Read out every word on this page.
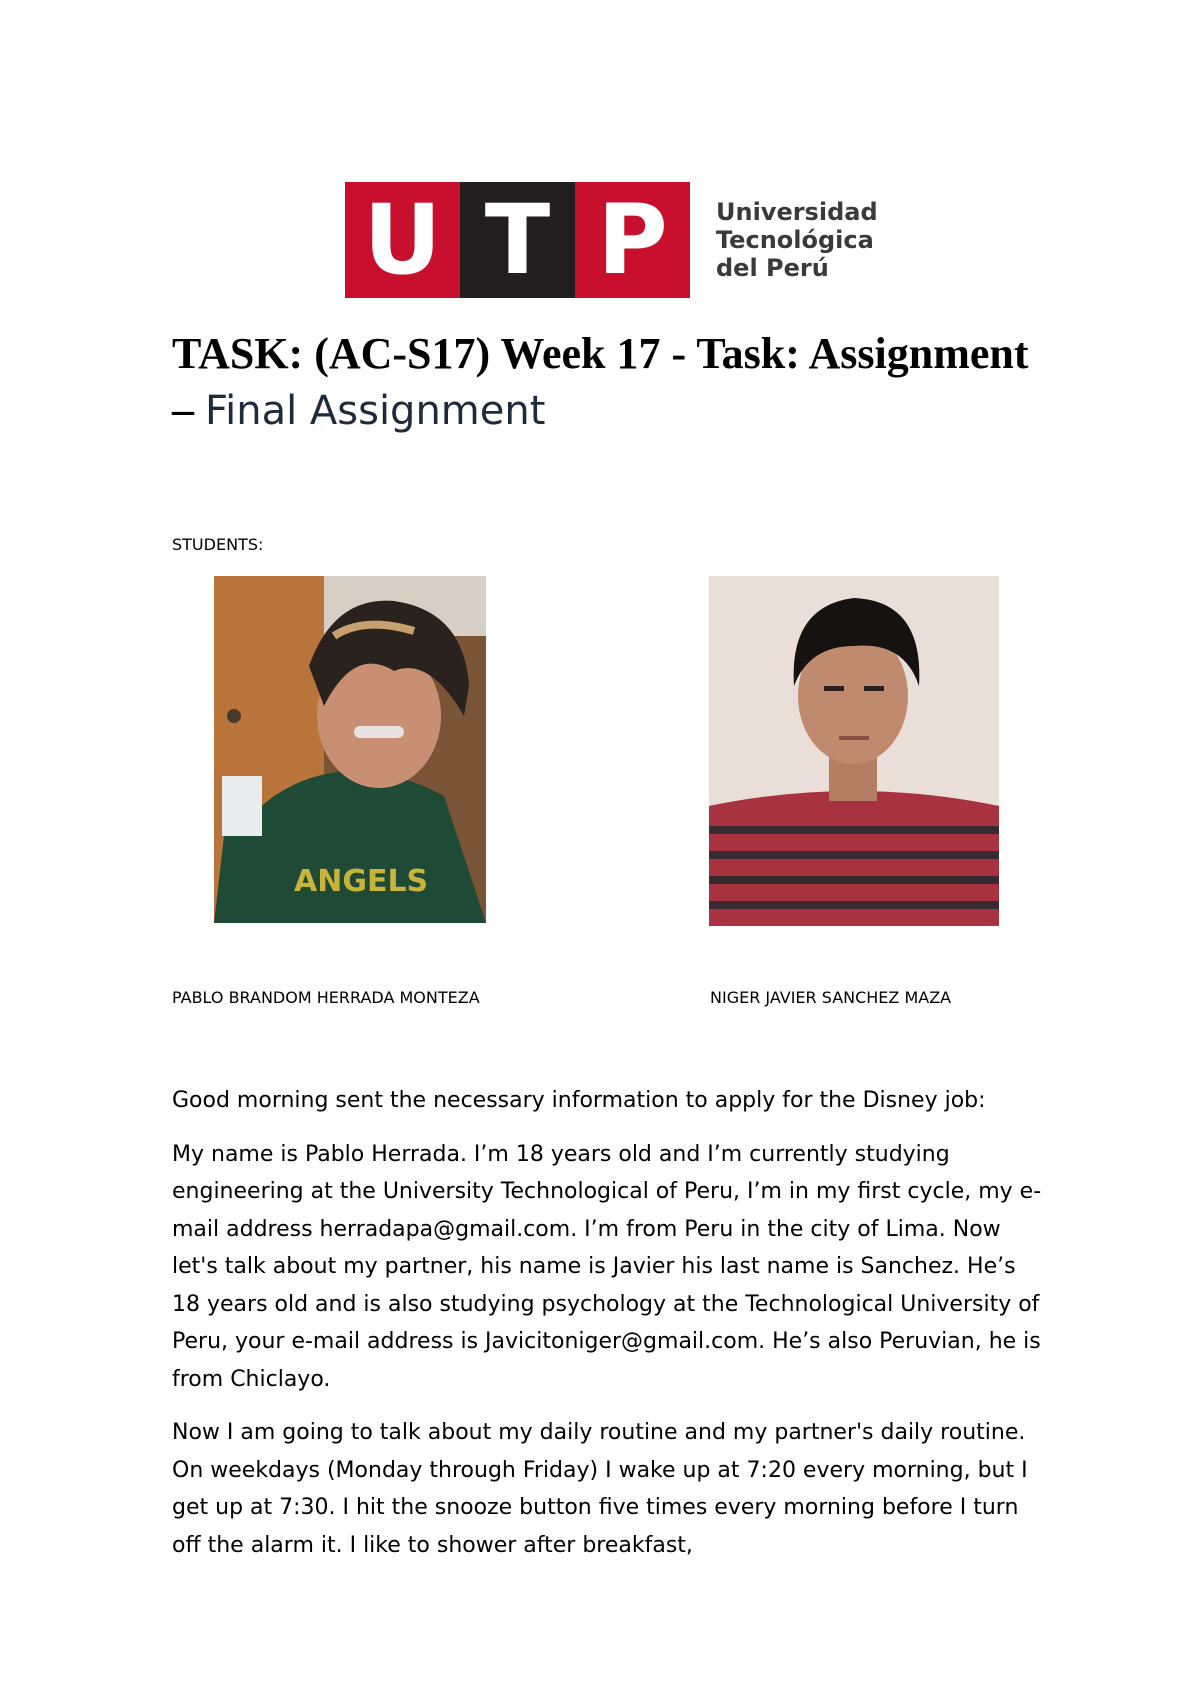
U T P	Universidad
Tecnológica
del Perú
TASK: (AC-S17) Week 17 - Task: Assignment – Final Assignment
STUDENTS:
ANGELS
PABLO BRANDOM HERRADA MONTEZA	NIGER JAVIER SANCHEZ MAZA

Good morning sent the necessary information to apply for the Disney job:

My name is Pablo Herrada. I’m 18 years old and I’m currently studying engineering at the University Technological of Peru, I’m in my first cycle, my e-mail address herradapa@gmail.com. I’m from Peru in the city of Lima. Now let's talk about my partner, his name is Javier his last name is Sanchez. He’s 18 years old and is also studying psychology at the Technological University of Peru, your e-mail address is Javicitoniger@gmail.com. He’s also Peruvian, he is from Chiclayo.

Now I am going to talk about my daily routine and my partner's daily routine. On weekdays (Monday through Friday) I wake up at 7:20 every morning, but I get up at 7:30. I hit the snooze button five times every morning before I turn off the alarm it. I like to shower after breakfast,
